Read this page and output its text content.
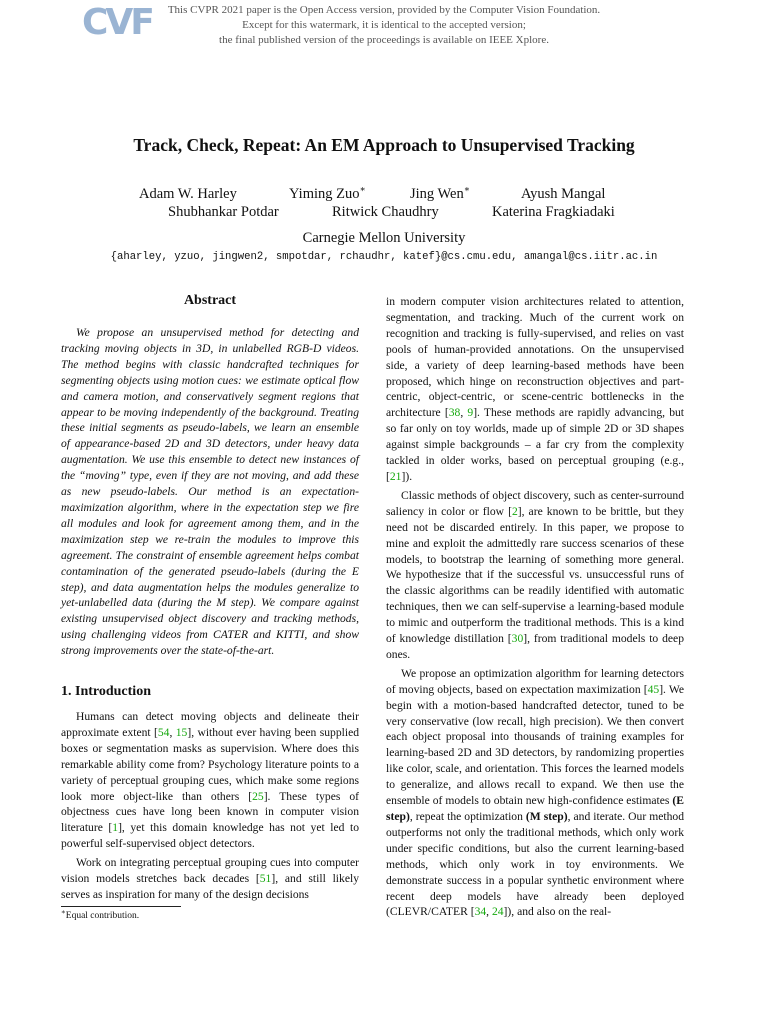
CVF	This CVPR 2021 paper is the Open Access version, provided by the Computer Vision Foundation.
Except for this watermark, it is identical to the accepted version;
the final published version of the proceedings is available on IEEE Xplore.
Track, Check, Repeat: An EM Approach to Unsupervised Tracking
Adam W. Harley	Yiming Zuo∗	Jing Wen∗	Ayush Mangal
Shubhankar Potdar	Ritwick Chaudhry	Katerina Fragkiadaki
Carnegie Mellon University
{aharley, yzuo, jingwen2, smpotdar, rchaudhr, katef}@cs.cmu.edu, amangal@cs.iitr.ac.in
Abstract

We propose an unsupervised method for detecting and tracking moving objects in 3D, in unlabelled RGB-D videos. The method begins with classic handcrafted techniques for segmenting objects using motion cues: we estimate optical flow and camera motion, and conservatively segment regions that appear to be moving independently of the background. Treating these initial segments as pseudo-labels, we learn an ensemble of appearance-based 2D and 3D detectors, under heavy data augmentation. We use this ensemble to detect new instances of the “moving” type, even if they are not moving, and add these as new pseudo-labels. Our method is an expectation-maximization algorithm, where in the expectation step we fire all modules and look for agreement among them, and in the maximization step we re-train the modules to improve this agreement. The constraint of ensemble agreement helps combat contamination of the generated pseudo-labels (during the E step), and data augmentation helps the modules generalize to yet-unlabelled data (during the M step). We compare against existing unsupervised object discovery and tracking methods, using challenging videos from CATER and KITTI, and show strong improvements over the state-of-the-art.

1. Introduction

Humans can detect moving objects and delineate their approximate extent [54, 15], without ever having been supplied boxes or segmentation masks as supervision. Where does this remarkable ability come from? Psychology literature points to a variety of perceptual grouping cues, which make some regions look more object-like than others [25]. These types of objectness cues have long been known in computer vision literature [1], yet this domain knowledge has not yet led to powerful self-supervised object detectors.

Work on integrating perceptual grouping cues into computer vision models stretches back decades [51], and still likely serves as inspiration for many of the design decisions

∗Equal contribution.

in modern computer vision architectures related to attention, segmentation, and tracking. Much of the current work on recognition and tracking is fully-supervised, and relies on vast pools of human-provided annotations. On the unsupervised side, a variety of deep learning-based methods have been proposed, which hinge on reconstruction objectives and part-centric, object-centric, or scene-centric bottlenecks in the architecture [38, 9]. These methods are rapidly advancing, but so far only on toy worlds, made up of simple 2D or 3D shapes against simple backgrounds – a far cry from the complexity tackled in older works, based on perceptual grouping (e.g., [21]).

Classic methods of object discovery, such as center-surround saliency in color or flow [2], are known to be brittle, but they need not be discarded entirely. In this paper, we propose to mine and exploit the admittedly rare success scenarios of these models, to bootstrap the learning of something more general. We hypothesize that if the successful vs. unsuccessful runs of the classic algorithms can be readily identified with automatic techniques, then we can self-supervise a learning-based module to mimic and outperform the traditional methods. This is a kind of knowledge distillation [30], from traditional models to deep ones.

We propose an optimization algorithm for learning detectors of moving objects, based on expectation maximization [45]. We begin with a motion-based handcrafted detector, tuned to be very conservative (low recall, high precision). We then convert each object proposal into thousands of training examples for learning-based 2D and 3D detectors, by randomizing properties like color, scale, and orientation. This forces the learned models to generalize, and allows recall to expand. We then use the ensemble of models to obtain new high-confidence estimates (E step), repeat the optimization (M step), and iterate. Our method outperforms not only the traditional methods, which only work under specific conditions, but also the current learning-based methods, which only work in toy environments. We demonstrate success in a popular synthetic environment where recent deep models have already been deployed (CLEVR/CATER [34, 24]), and also on the real-
